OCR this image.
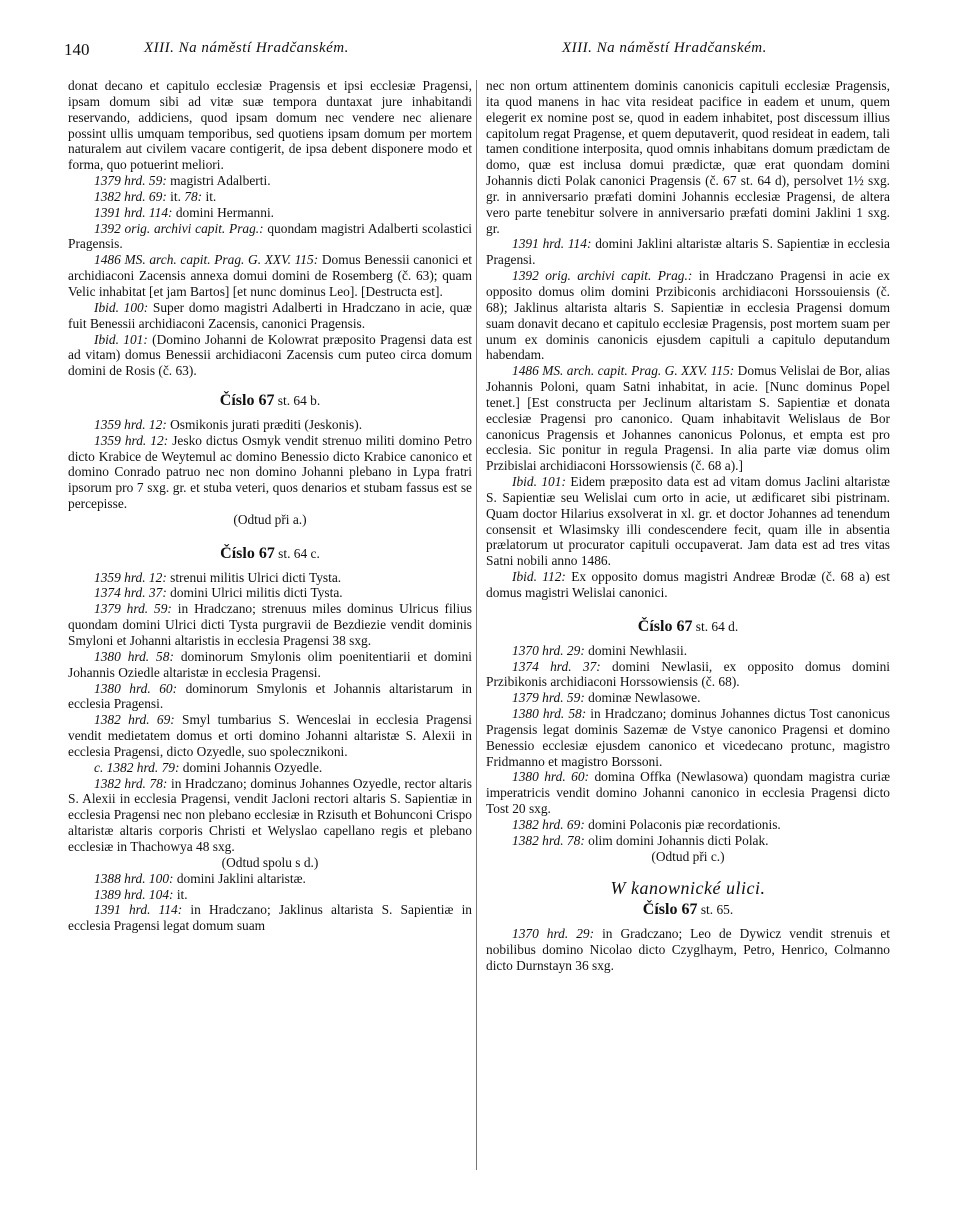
140	XIII. Na náměstí Hradčanském.	XIII. Na náměstí Hradčanském.

donat decano et capitulo ecclesiæ Pragensis et ipsi ecclesiæ Pragensi, ipsam domum sibi ad vitæ suæ tempora duntaxat jure inhabitandi reservando, addiciens, quod ipsam domum nec vendere nec alienare possint ullis umquam temporibus, sed quotiens ipsam domum per mortem naturalem aut civilem vacare contigerit, de ipsa debent disponere modo et forma, quo potuerint meliori.

1379 hrd. 59: magistri Adalberti.

1382 hrd. 69: it. 78: it.

1391 hrd. 114: domini Hermanni.

1392 orig. archivi capit. Prag.: quondam magistri Adalberti scolastici Pragensis.

1486 MS. arch. capit. Prag. G. XXV. 115: Domus Benessii canonici et archidiaconi Zacensis annexa domui domini de Rosemberg (č. 63); quam Velic inhabitat [et jam Bartos] [et nunc dominus Leo]. [Destructa est].

Ibid. 100: Super domo magistri Adalberti in Hradczano in acie, quæ fuit Benessii archidiaconi Zacensis, canonici Pragensis.

Ibid. 101: (Domino Johanni de Kolowrat præposito Pragensi data est ad vitam) domus Benessii archidiaconi Zacensis cum puteo circa domum domini de Rosis (č. 63).

Číslo 67 st. 64 b.

1359 hrd. 12: Osmikonis jurati præditi (Jeskonis).

1359 hrd. 12: Jesko dictus Osmyk vendit strenuo militi domino Petro dicto Krabice de Weytemul ac domino Benessio dicto Krabice canonico et domino Conrado patruo nec non domino Johanni plebano in Lypa fratri ipsorum pro 7 sxg. gr. et stuba veteri, quos denarios et stubam fassus est se percepisse.

(Odtud při a.)

Číslo 67 st. 64 c.

1359 hrd. 12: strenui militis Ulrici dicti Tysta.

1374 hrd. 37: domini Ulrici militis dicti Tysta.

1379 hrd. 59: in Hradczano; strenuus miles dominus Ulricus filius quondam domini Ulrici dicti Tysta purgravii de Bezdiezie vendit dominis Smyloni et Johanni altaristis in ecclesia Pragensi 38 sxg.

1380 hrd. 58: dominorum Smylonis olim poenitentiarii et domini Johannis Oziedle altaristæ in ecclesia Pragensi.

1380 hrd. 60: dominorum Smylonis et Johannis altaristarum in ecclesia Pragensi.

1382 hrd. 69: Smyl tumbarius S. Wenceslai in ecclesia Pragensi vendit medietatem domus et orti domino Johanni altaristæ S. Alexii in ecclesia Pragensi, dicto Ozyedle, suo spolecznikoni.

c. 1382 hrd. 79: domini Johannis Ozyedle.

1382 hrd. 78: in Hradczano; dominus Johannes Ozyedle, rector altaris S. Alexii in ecclesia Pragensi, vendit Jacloni rectori altaris S. Sapientiæ in ecclesia Pragensi nec non plebano ecclesiæ in Rzisuth et Bohunconi Crispo altaristæ altaris corporis Christi et Welyslao capellano regis et plebano ecclesiæ in Thachowya 48 sxg.

(Odtud spolu s d.)

1388 hrd. 100: domini Jaklini altaristæ.

1389 hrd. 104: it.

1391 hrd. 114: in Hradczano; Jaklinus altarista S. Sapientiæ in ecclesia Pragensi legat domum suam

nec non ortum attinentem dominis canonicis capituli ecclesiæ Pragensis, ita quod manens in hac vita resideat pacifice in eadem et unum, quem elegerit ex nomine post se, quod in eadem inhabitet, post discessum illius capitolum regat Pragense, et quem deputaverit, quod resideat in eadem, tali tamen conditione interposita, quod omnis inhabitans domum prædictam de domo, quæ est inclusa domui prædictæ, quæ erat quondam domini Johannis dicti Polak canonici Pragensis (č. 67 st. 64 d), persolvet 1½ sxg. gr. in anniversario præfati domini Johannis ecclesiæ Pragensi, de altera vero parte tenebitur solvere in anniversario præfati domini Jaklini 1 sxg. gr.

1391 hrd. 114: domini Jaklini altaristæ altaris S. Sapientiæ in ecclesia Pragensi.

1392 orig. archivi capit. Prag.: in Hradczano Pragensi in acie ex opposito domus olim domini Przibiconis archidiaconi Horssouiensis (č. 68); Jaklinus altarista altaris S. Sapientiæ in ecclesia Pragensi domum suam donavit decano et capitulo ecclesiæ Pragensis, post mortem suam per unum ex dominis canonicis ejusdem capituli a capitulo deputandum habendam.

1486 MS. arch. capit. Prag. G. XXV. 115: Domus Velislai de Bor, alias Johannis Poloni, quam Satni inhabitat, in acie. [Nunc dominus Popel tenet.] [Est constructa per Jeclinum altaristam S. Sapientiæ et donata ecclesiæ Pragensi pro canonico. Quam inhabitavit Welislaus de Bor canonicus Pragensis et Johannes canonicus Polonus, et empta est pro ecclesia. Sic ponitur in regula Pragensi. In alia parte viæ domus olim Przibislai archidiaconi Horssowiensis (č. 68 a).]

Ibid. 101: Eidem præposito data est ad vitam domus Jaclini altaristæ S. Sapientiæ seu Welislai cum orto in acie, ut ædificaret sibi pistrinam. Quam doctor Hilarius exsolverat in xl. gr. et doctor Johannes ad tenendum consensit et Wlasimsky illi condescendere fecit, quam ille in absentia prælatorum ut procurator capituli occupaverat. Jam data est ad tres vitas Satni nobili anno 1486.

Ibid. 112: Ex opposito domus magistri Andreæ Brodæ (č. 68 a) est domus magistri Welislai canonici.

Číslo 67 st. 64 d.

1370 hrd. 29: domini Newhlasii.

1374 hrd. 37: domini Newlasii, ex opposito domus domini Przibikonis archidiaconi Horssowiensis (č. 68).

1379 hrd. 59: dominæ Newlasowe.

1380 hrd. 58: in Hradczano; dominus Johannes dictus Tost canonicus Pragensis legat dominis Sazemæ de Vstye canonico Pragensi et domino Benessio ecclesiæ ejusdem canonico et vicedecano protunc, magistro Fridmanno et magistro Borssoni.

1380 hrd. 60: domina Offka (Newlasowa) quondam magistra curiæ imperatricis vendit domino Johanni canonico in ecclesia Pragensi dicto Tost 20 sxg.

1382 hrd. 69: domini Polaconis piæ recordationis.

1382 hrd. 78: olim domini Johannis dicti Polak.

(Odtud při c.)

W kanownické ulici.
Číslo 67 st. 65.

1370 hrd. 29: in Gradczano; Leo de Dywicz vendit strenuis et nobilibus domino Nicolao dicto Czyglhaym, Petro, Henrico, Colmanno dicto Durnstayn 36 sxg.
